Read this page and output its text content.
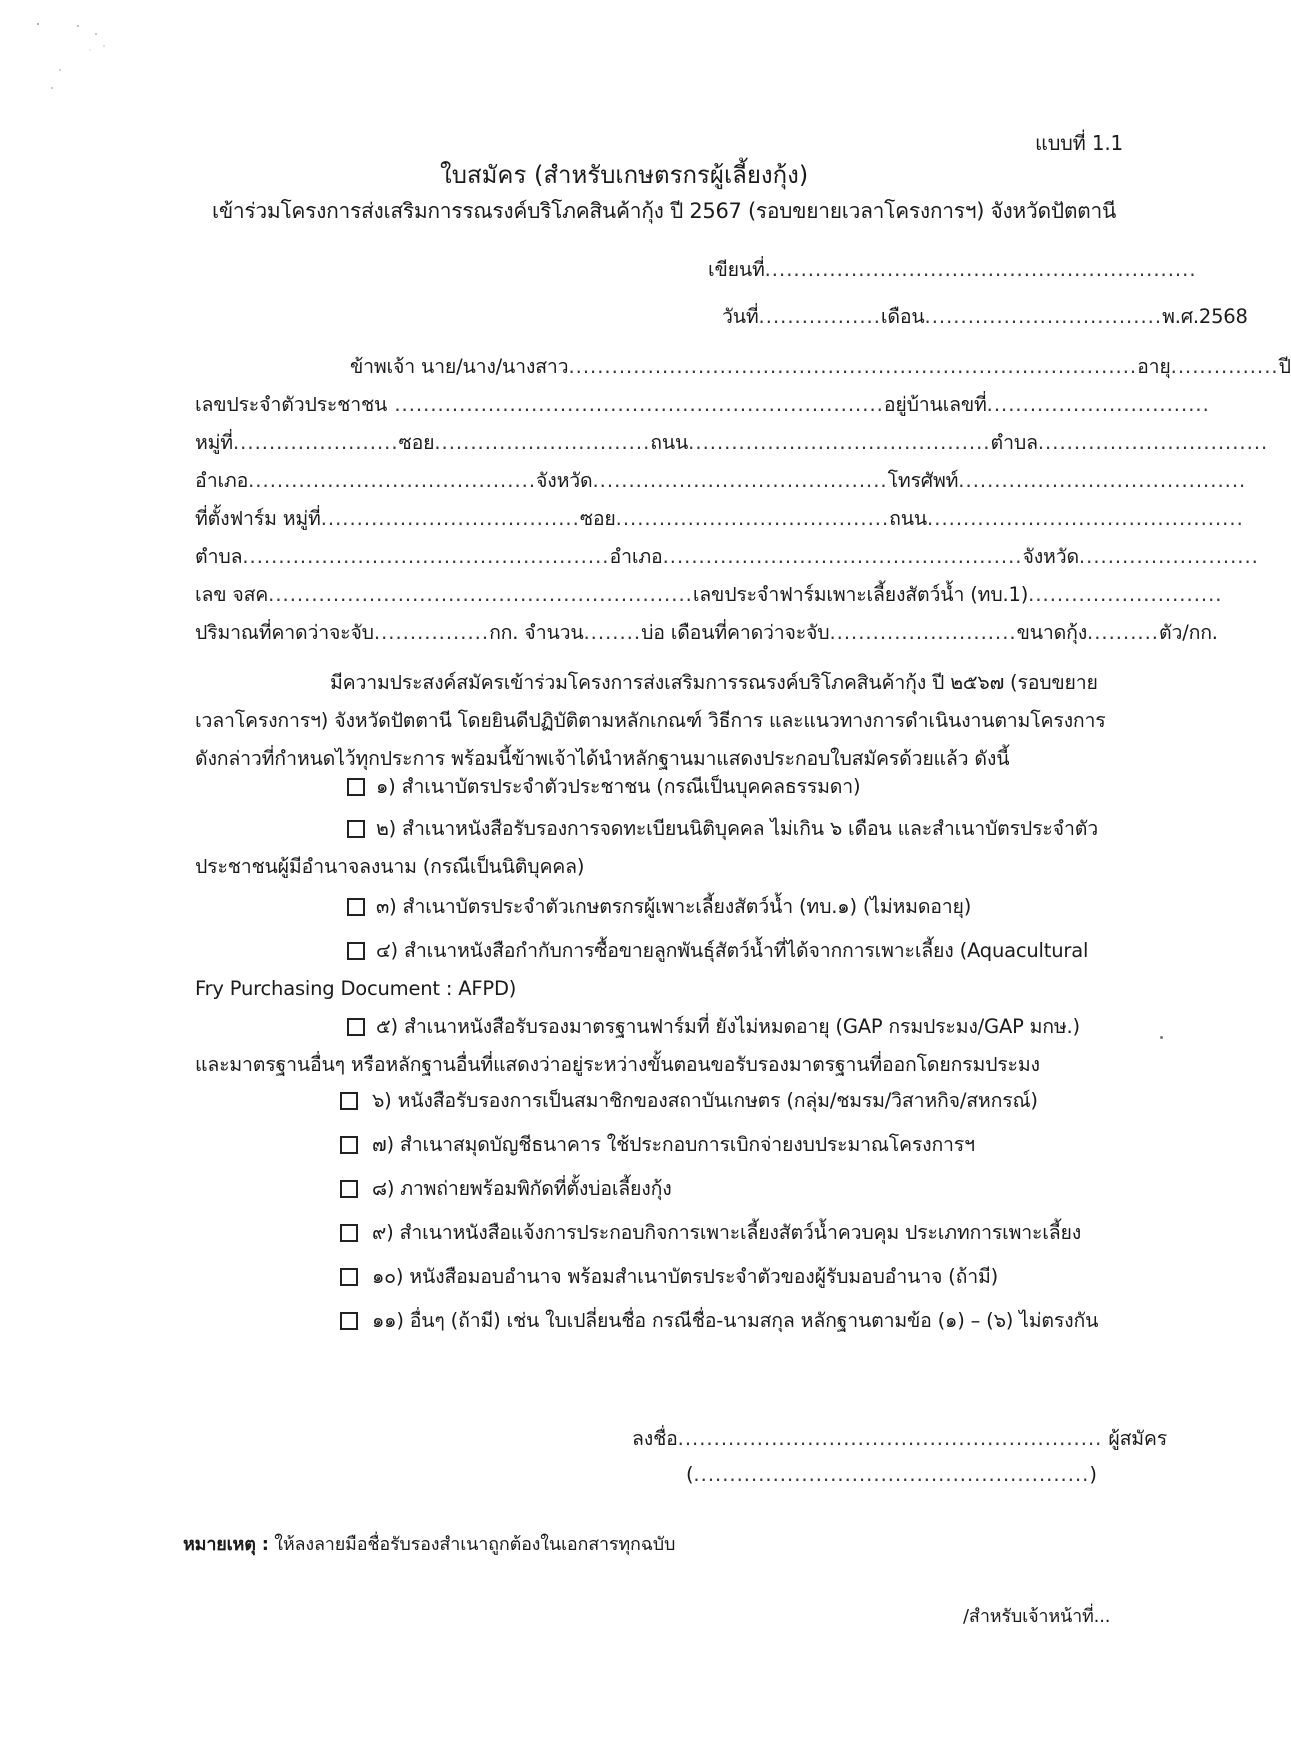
แบบที่ 1.1
ใบสมัคร (สำหรับเกษตรกรผู้เลี้ยงกุ้ง)
เข้าร่วมโครงการส่งเสริมการรณรงค์บริโภคสินค้ากุ้ง ปี 2567 (รอบขยายเวลาโครงการฯ) จังหวัดปัตตานี
เขียนที่............................................................
วันที่.................เดือน.................................พ.ศ.2568
ข้าพเจ้า นาย/นาง/นางสาว...............................................................................อายุ...............ปี
เลขประจำตัวประชาชน ....................................................................อยู่บ้านเลขที่...............................
หมู่ที่.......................ซอย..............................ถนน..........................................ตำบล................................
อำเภอ........................................จังหวัด.........................................โทรศัพท์........................................
ที่ตั้งฟาร์ม หมู่ที่....................................ซอย......................................ถนน............................................
ตำบล...................................................อำเภอ..................................................จังหวัด.........................
เลข จสค...........................................................เลขประจำฟาร์มเพาะเลี้ยงสัตว์น้ำ (ทบ.1)...........................
ปริมาณที่คาดว่าจะจับ................กก. จำนวน........บ่อ เดือนที่คาดว่าจะจับ..........................ขนาดกุ้ง..........ตัว/กก.
มีความประสงค์สมัครเข้าร่วมโครงการส่งเสริมการรณรงค์บริโภคสินค้ากุ้ง ปี ๒๕๖๗ (รอบขยาย
เวลาโครงการฯ) จังหวัดปัตตานี โดยยินดีปฏิบัติตามหลักเกณฑ์ วิธีการ และแนวทางการดำเนินงานตามโครงการ
ดังกล่าวที่กำหนดไว้ทุกประการ พร้อมนี้ข้าพเจ้าได้นำหลักฐานมาแสดงประกอบใบสมัครด้วยแล้ว ดังนี้
๑) สำเนาบัตรประจำตัวประชาชน (กรณีเป็นบุคคลธรรมดา)
๒) สำเนาหนังสือรับรองการจดทะเบียนนิติบุคคล ไม่เกิน ๖ เดือน และสำเนาบัตรประจำตัว
ประชาชนผู้มีอำนาจลงนาม (กรณีเป็นนิติบุคคล)
๓) สำเนาบัตรประจำตัวเกษตรกรผู้เพาะเลี้ยงสัตว์น้ำ (ทบ.๑) (ไม่หมดอายุ)
๔) สำเนาหนังสือกำกับการซื้อขายลูกพันธุ์สัตว์น้ำที่ได้จากการเพาะเลี้ยง (Aquacultural
Fry Purchasing Document : AFPD)
๕) สำเนาหนังสือรับรองมาตรฐานฟาร์มที่ ยังไม่หมดอายุ (GAP กรมประมง/GAP มกษ.)
และมาตรฐานอื่นๆ หรือหลักฐานอื่นที่แสดงว่าอยู่ระหว่างขั้นตอนขอรับรองมาตรฐานที่ออกโดยกรมประมง
๖) หนังสือรับรองการเป็นสมาชิกของสถาบันเกษตร (กลุ่ม/ชมรม/วิสาหกิจ/สหกรณ์)
๗) สำเนาสมุดบัญชีธนาคาร ใช้ประกอบการเบิกจ่ายงบประมาณโครงการฯ
๘) ภาพถ่ายพร้อมพิกัดที่ตั้งบ่อเลี้ยงกุ้ง
๙) สำเนาหนังสือแจ้งการประกอบกิจการเพาะเลี้ยงสัตว์น้ำควบคุม ประเภทการเพาะเลี้ยง
๑๐) หนังสือมอบอำนาจ พร้อมสำเนาบัตรประจำตัวของผู้รับมอบอำนาจ (ถ้ามี)
๑๑) อื่นๆ (ถ้ามี) เช่น ใบเปลี่ยนชื่อ กรณีชื่อ-นามสกุล หลักฐานตามข้อ (๑) – (๖) ไม่ตรงกัน
ลงชื่อ........................................................... ผู้สมัคร
(.......................................................)
หมายเหตุ : ให้ลงลายมือชื่อรับรองสำเนาถูกต้องในเอกสารทุกฉบับ
/สำหรับเจ้าหน้าที่...
